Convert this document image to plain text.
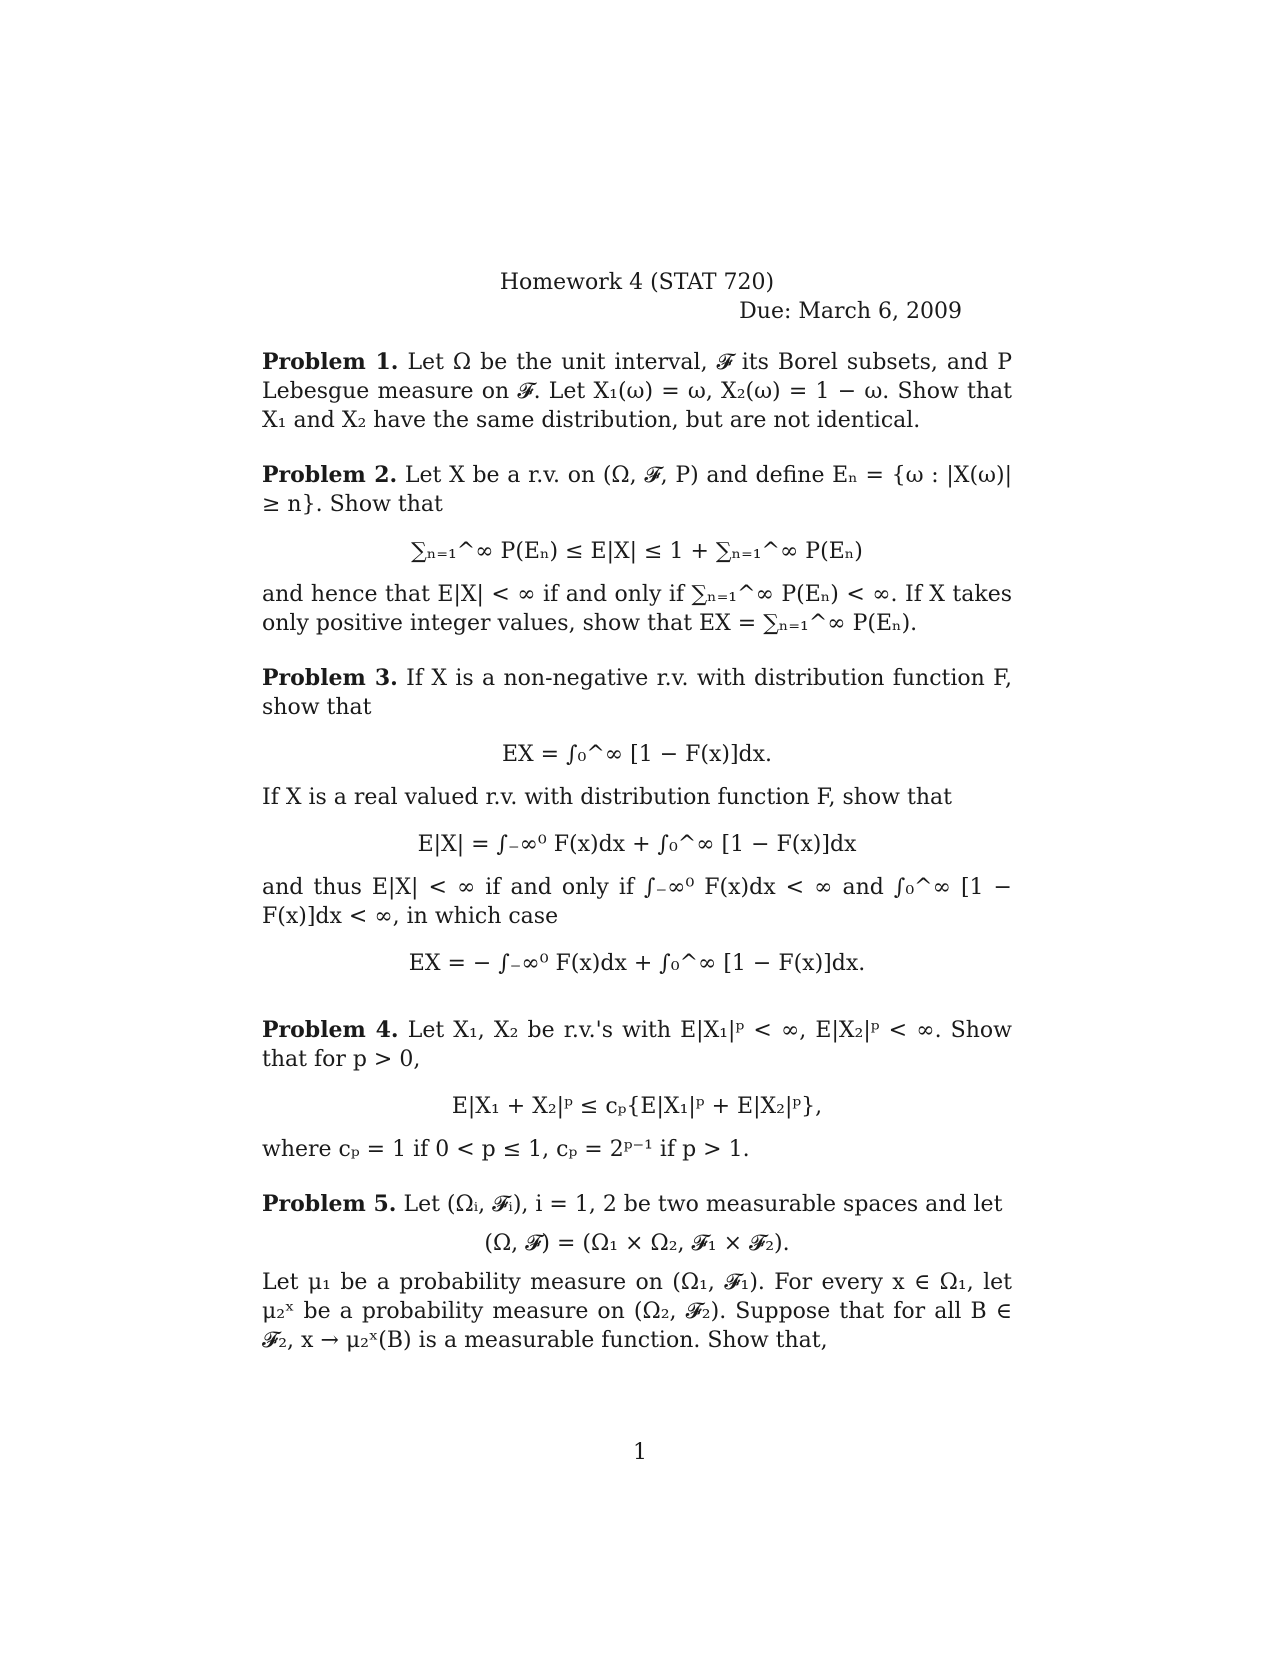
Homework 4 (STAT 720)

Due: March 6, 2009

Problem 1. Let Ω be the unit interval, 𝓕 its Borel subsets, and P Lebesgue measure on 𝓕. Let X₁(ω) = ω, X₂(ω) = 1 − ω. Show that X₁ and X₂ have the same distribution, but are not identical.

Problem 2. Let X be a r.v. on (Ω, 𝓕, P) and define Eₙ = {ω : |X(ω)| ≥ n}. Show that

∑ₙ₌₁^∞ P(Eₙ) ≤ E|X| ≤ 1 + ∑ₙ₌₁^∞ P(Eₙ)

and hence that E|X| < ∞ if and only if ∑ₙ₌₁^∞ P(Eₙ) < ∞. If X takes only positive integer values, show that EX = ∑ₙ₌₁^∞ P(Eₙ).

Problem 3. If X is a non-negative r.v. with distribution function F, show that

EX = ∫₀^∞ [1 − F(x)]dx.

If X is a real valued r.v. with distribution function F, show that

E|X| = ∫₋∞⁰ F(x)dx + ∫₀^∞ [1 − F(x)]dx

and thus E|X| < ∞ if and only if ∫₋∞⁰ F(x)dx < ∞ and ∫₀^∞ [1 − F(x)]dx < ∞, in which case

EX = − ∫₋∞⁰ F(x)dx + ∫₀^∞ [1 − F(x)]dx.

Problem 4. Let X₁, X₂ be r.v.'s with E|X₁|ᵖ < ∞, E|X₂|ᵖ < ∞. Show that for p > 0,

E|X₁ + X₂|ᵖ ≤ cₚ{E|X₁|ᵖ + E|X₂|ᵖ},

where cₚ = 1 if 0 < p ≤ 1, cₚ = 2ᵖ⁻¹ if p > 1.

Problem 5. Let (Ωᵢ, 𝓕ᵢ), i = 1, 2 be two measurable spaces and let

(Ω, 𝓕) = (Ω₁ × Ω₂, 𝓕₁ × 𝓕₂).

Let μ₁ be a probability measure on (Ω₁, 𝓕₁). For every x ∈ Ω₁, let μ₂ˣ be a probability measure on (Ω₂, 𝓕₂). Suppose that for all B ∈ 𝓕₂, x → μ₂ˣ(B) is a measurable function. Show that,

1
